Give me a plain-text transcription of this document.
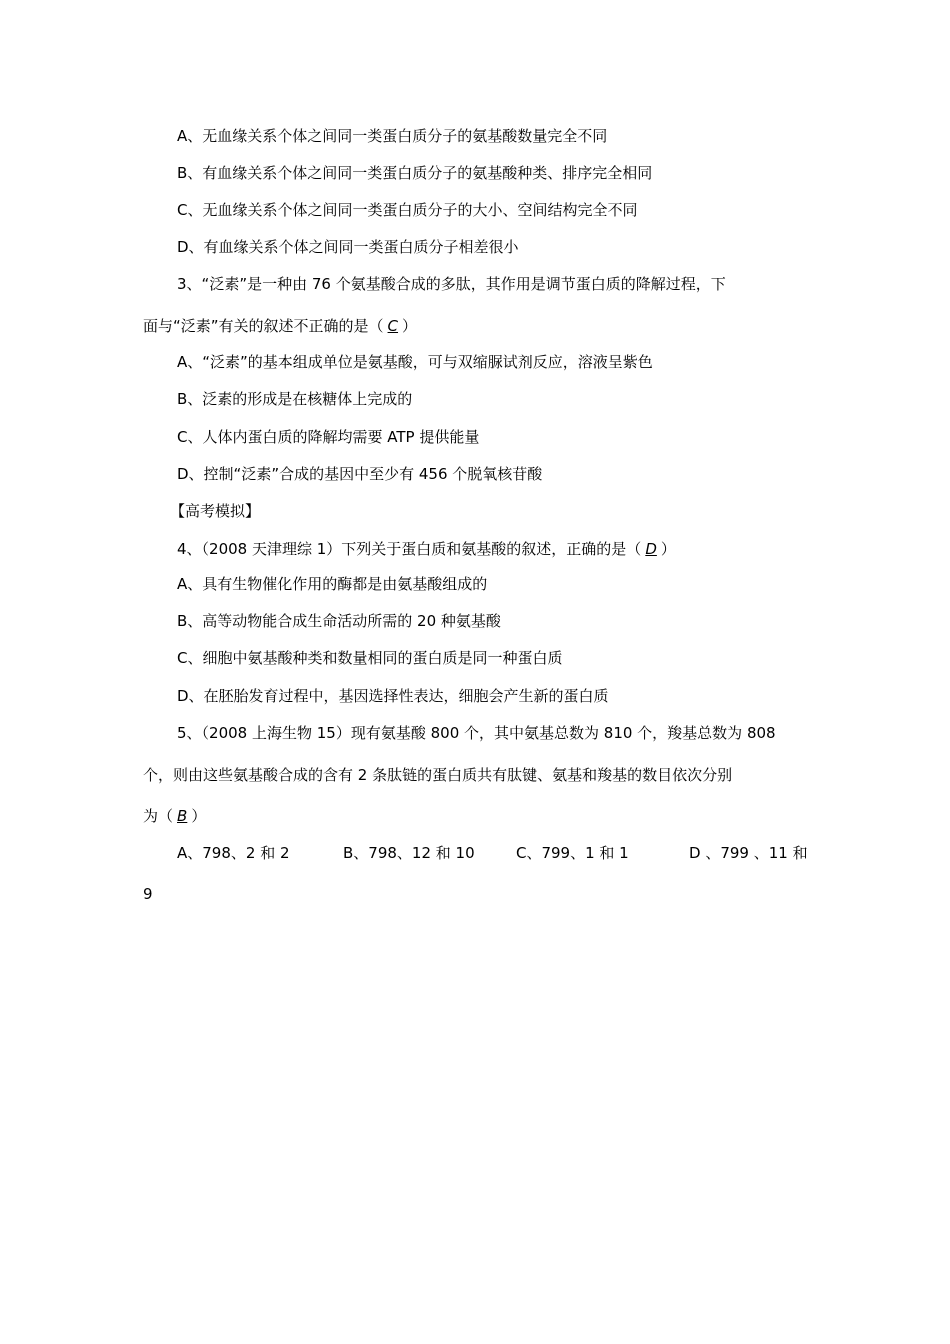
A、无血缘关系个体之间同一类蛋白质分子的氨基酸数量完全不同
B、有血缘关系个体之间同一类蛋白质分子的氨基酸种类、排序完全相同
C、无血缘关系个体之间同一类蛋白质分子的大小、空间结构完全不同
D、有血缘关系个体之间同一类蛋白质分子相差很小
3、“泛素”是一种由 76 个氨基酸合成的多肽，其作用是调节蛋白质的降解过程，下
面与“泛素”有关的叙述不正确的是（ C ）
A、“泛素”的基本组成单位是氨基酸，可与双缩脲试剂反应，溶液呈紫色
B、泛素的形成是在核糖体上完成的
C、人体内蛋白质的降解均需要 ATP 提供能量
D、控制“泛素”合成的基因中至少有 456 个脱氧核苷酸
【高考模拟】
4、（2008 天津理综 1）下列关于蛋白质和氨基酸的叙述，正确的是（ D ）
A、具有生物催化作用的酶都是由氨基酸组成的
B、高等动物能合成生命活动所需的 20 种氨基酸
C、细胞中氨基酸种类和数量相同的蛋白质是同一种蛋白质
D、在胚胎发育过程中，基因选择性表达，细胞会产生新的蛋白质
5、（2008 上海生物 15）现有氨基酸 800 个，其中氨基总数为 810 个，羧基总数为 808
个，则由这些氨基酸合成的含有 2 条肽链的蛋白质共有肽键、氨基和羧基的数目依次分别
为（ B ）
A、798、2 和 2	B、798、12 和 10	C、799、1 和 1	D 、799 、11 和
9
